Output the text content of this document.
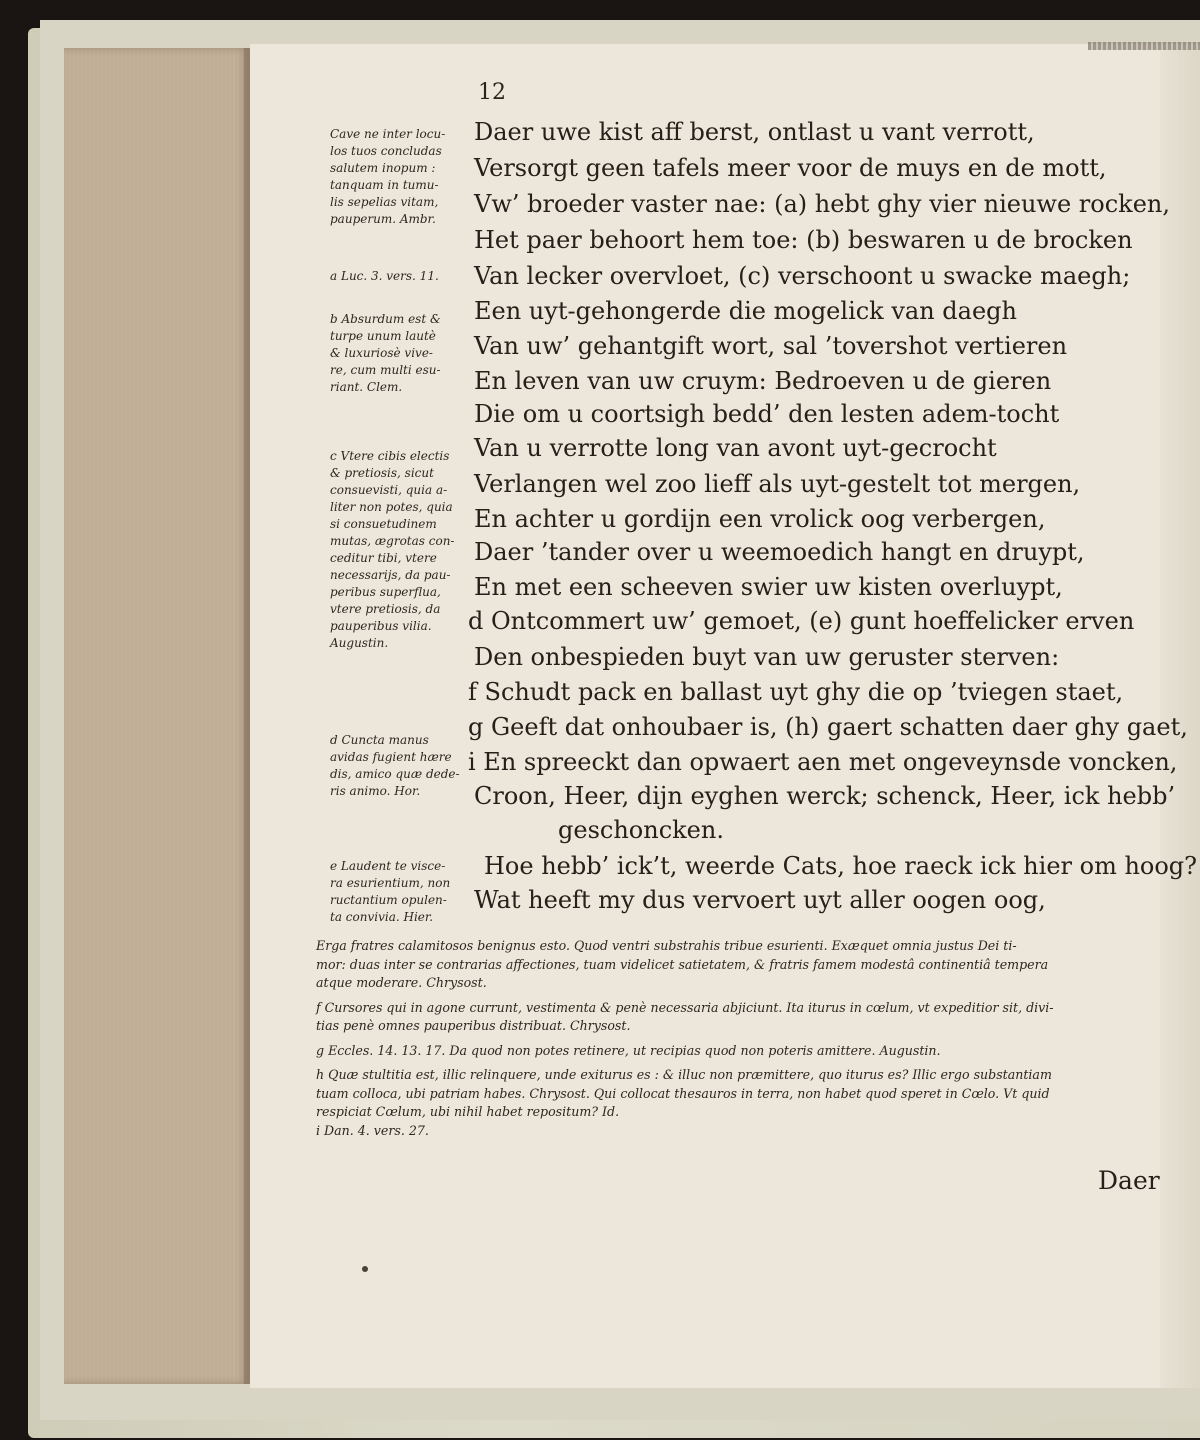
12
Daer uwe kist aff berst, ontlast u vant verrott,
Versorgt geen tafels meer voor de muys en de mott,
Vw’ broeder vaster nae: (a) hebt ghy vier nieuwe rocken,
Het paer behoort hem toe: (b) beswaren u de brocken
Van lecker overvloet, (c) verschoont u swacke maegh;
Een uyt-gehongerde die mogelick van daegh
Van uw’ gehantgift wort, sal ’tovershot vertieren
En leven van uw cruym: Bedroeven u de gieren
Die om u coortsigh bedd’ den lesten adem-tocht
Van u verrotte long van avont uyt-gecrocht
Verlangen wel zoo lieff als uyt-gestelt tot mergen,
En achter u gordijn een vrolick oog verbergen,
Daer ’tander over u weemoedich hangt en druypt,
En met een scheeven swier uw kisten overluypt,
d Ontcommert uw’ gemoet, (e) gunt hoeffelicker erven
Den onbespieden buyt van uw geruster sterven:
f Schudt pack en ballast uyt ghy die op ’tviegen staet,
g Geeft dat onhoubaer is, (h) gaert schatten daer ghy gaet,
i En spreeckt dan opwaert aen met ongeveynsde voncken,
Croon, Heer, dijn eyghen werck; schenck, Heer, ick hebb’
geschoncken.
Hoe hebb’ ick’t, weerde Cats, hoe raeck ick hier om hoog?
Wat heeft my dus vervoert uyt aller oogen oog,
Cave ne inter locu-
los tuos concludas
salutem inopum :
tanquam in tumu-
lis sepelias vitam,
pauperum. Ambr.
a Luc. 3. vers. 11.
b Absurdum est &
turpe unum lautè
& luxuriosè vive-
re, cum multi esu-
riant. Clem.
c Vtere cibis electis
& pretiosis, sicut
consuevisti, quia a-
liter non potes, quia
si consuetudinem
mutas, ægrotas con-
ceditur tibi, vtere
necessarijs, da pau-
peribus superflua,
vtere pretiosis, da
pauperibus vilia.
Augustin.
d Cuncta manus
avidas fugient hære
dis, amico quæ dede-
ris animo. Hor.
e Laudent te visce-
ra esurientium, non
ructantium opulen-
ta convivia. Hier.
Erga fratres calamitosos benignus esto. Quod ventri substrahis tribue esurienti. Exæquet omnia justus Dei ti-
mor: duas inter se contrarias affectiones, tuam videlicet satietatem, & fratris famem modestâ continentiâ tempera
atque moderare. Chrysost.
f Cursores qui in agone currunt, vestimenta & penè necessaria abjiciunt. Ita iturus in cœlum, vt expeditior sit, divi-
tias penè omnes pauperibus distribuat. Chrysost.
g Eccles. 14. 13. 17. Da quod non potes retinere, ut recipias quod non poteris amittere. Augustin.
h Quæ stultitia est, illic relinquere, unde exiturus es : & illuc non præmittere, quo iturus es? Illic ergo substantiam
tuam colloca, ubi patriam habes. Chrysost. Qui collocat thesauros in terra, non habet quod speret in Cœlo. Vt quid
respiciat Cœlum, ubi nihil habet repositum? Id.
i Dan. 4. vers. 27.
Daer
